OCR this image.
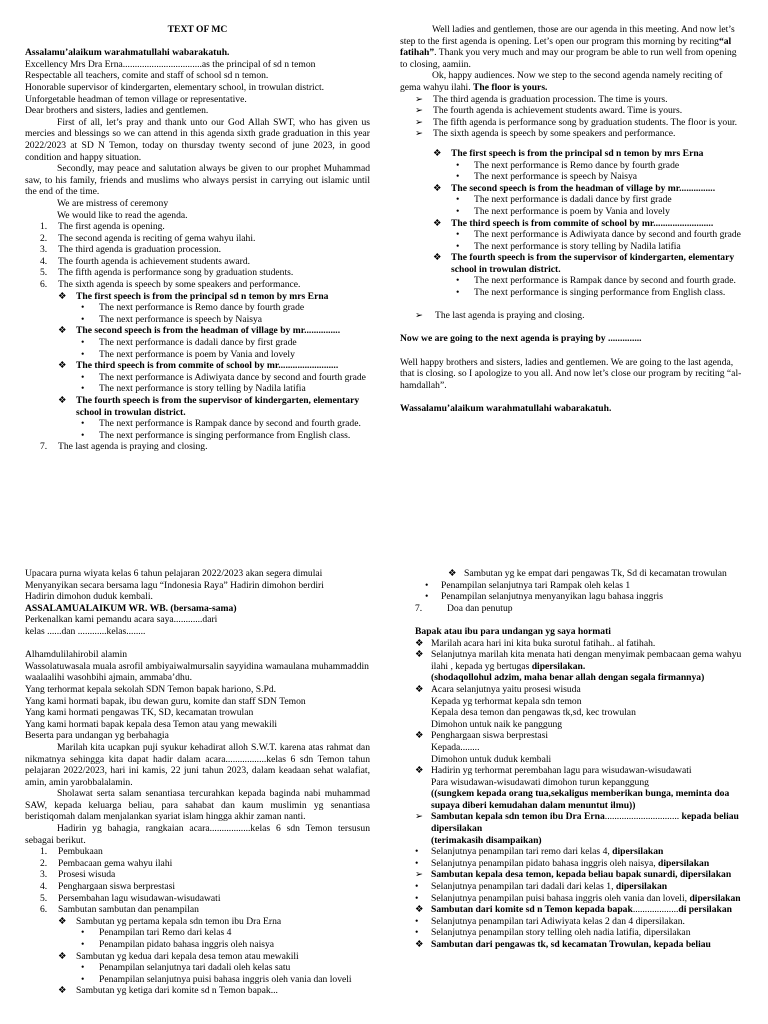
TEXT OF MC

Assalamu’alaikum warahmatullahi wabarakatuh.

Excellency Mrs Dra Erna.................................as the principal of sd n temon

Respectable all teachers, comite and staff of school sd n temon.

Honorable supervisor of kindergarten, elementary school, in trowulan district.

Unforgetable headman of temon village or representative.

Dear brothers and sisters, ladies and gentlemen.

First of all, let’s pray and thank unto our God Allah SWT, who has given us mercies and blessings so we can attend in this agenda sixth grade graduation in this year 2022/2023 at SD N Temon, today on thursday twenty second of june 2023, in good condition and happy situation.

Secondly, may peace and salutation always be given to our prophet Muhammad saw, to his family, friends and muslims who always persist in carrying out islamic until the end of the time.

We are mistress of ceremony

We would like to read the agenda.

1.	The first agenda is opening.
2.	The second agenda is reciting of gema wahyu ilahi.
3.	The third agenda is graduation procession.
4.	The fourth agenda is achievement students award.
5.	The fifth agenda is performance song by graduation students.
6.	The sixth agenda is speech by some speakers and performance.
❖ The first speech is from the principal sd n temon by mrs Erna
•	The next performance is Remo dance by fourth grade
•	The next performance is speech by Naisya
❖ The second speech is from the headman of village by mr...............
•	The next performance is dadali dance by first grade
•	The next performance is poem by Vania and lovely
❖ The third speech is from commite of school by mr.........................
•	The next performance is Adiwiyata dance by second and fourth grade
•	The next performance is story telling by Nadila latifia
❖ The fourth speech is from the supervisor of kindergarten, elementary school in trowulan district.
•	The next performance is Rampak dance by second and fourth grade.
•	The next performance is singing performance from English class.
7.	The last agenda is praying and closing.

Well ladies and gentlemen, those are our agenda in this meeting. And now let’s step to the first agenda is opening. Let’s open our program this morning by reciting“al fatihah”. Thank you very much and may our program be able to run well from opening to closing, aamiin.

Ok, happy audiences. Now we step to the second agenda namely reciting of gema wahyu ilahi. The floor is yours.

➢	The third agenda is graduation procession. The time is yours.
➢	The fourth agenda is achievement students award. Time is yours.
➢	The fifth agenda is performance song by graduation students. The floor is your.
➢	The sixth agenda is speech by some speakers and performance.
❖ The first speech is from the principal sd n temon by mrs Erna
•	The next performance is Remo dance by fourth grade
•	The next performance is speech by Naisya
❖ The second speech is from the headman of village by mr...............
•	The next performance is dadali dance by first grade
•	The next performance is poem by Vania and lovely
❖ The third speech is from commite of school by mr.........................
•	The next performance is Adiwiyata dance by second and fourth grade
•	The next performance is story telling by Nadila latifia
❖ The fourth speech is from the supervisor of kindergarten, elementary school in trowulan district.
•	The next performance is Rampak dance by second and fourth grade.
•	The next performance is singing performance from English class.
➢	The last agenda is praying and closing.

Now we are going to the next agenda is praying by ..............

Well happy brothers and sisters, ladies and gentlemen. We are going to the last agenda, that is closing. so I apologize to you all. And now let’s close our program by reciting “al-hamdallah”.

Wassalamu’alaikum warahmatullahi wabarakatuh.

Upacara purna wiyata kelas 6 tahun pelajaran 2022/2023 akan segera dimulai

Menyanyikan secara bersama lagu “Indonesia Raya” Hadirin dimohon berdiri

Hadirin dimohon duduk kembali.

ASSALAMUALAIKUM WR. WB. (bersama-sama)

Perkenalkan kami pemandu acara saya............dari

kelas ......dan ............kelas........

Alhamdulilahirobil alamin

Wassolatuwasala muala asrofil ambiyaiwalmursalin sayyidina wamaulana muhammaddin waalaalihi wasohbihi ajmain, ammaba’dhu.

Yang terhormat kepala sekolah SDN Temon bapak harionо, S.Pd.

Yang kami hormati bapak, ibu dewan guru, komite dan staff SDN Temon

Yang kami hormati pengawas TK, SD, kecamatan trowulan

Yang kami hormati bapak kepala desa Temon atau yang mewakili

Beserta para undangan yg berbahagia

Marilah kita ucapkan puji syukur kehadirat alloh S.W.T. karena atas rahmat dan nikmatnya sehingga kita dapat hadir dalam acara.................kelas 6 sdn Temon tahun pelajaran 2022/2023, hari ini kamis, 22 juni tahun 2023, dalam keadaan sehat walafiat, amin, amin yarobbalalamin.

Sholawat serta salam senantiasa tercurahkan kepada baginda nabi muhammad SAW, kepada keluarga beliau, para sahabat dan kaum muslimin yg senantiasa beristiqomah dalam menjalankan syariat islam hingga akhir zaman nanti.

Hadirin yg bahagia, rangkaian acara.................kelas 6 sdn Temon tersusun sebagai berikut.

1.	Pembukaan
2.	Pembacaan gema wahyu ilahi
3.	Prosesi wisuda
4.	Penghargaan siswa berprestasi
5.	Persembahan lagu wisudawan-wisudawati
6.	Sambutan sambutan dan penampilan
❖ Sambutan yg pertama kepala sdn temon ibu Dra Erna
•	Penampilan tari Remo dari kelas 4
•	Penampilan pidato bahasa inggris oleh naisya
❖ Sambutan yg kedua dari kepala desa temon atau mewakili
•	Penampilan selanjutnya tari dadali oleh kelas satu
•	Penampilan selanjutnya puisi bahasa inggris oleh vania dan loveli
❖ Sambutan yg ketiga dari komite sd n Temon bapak...
❖ Sambutan yg ke empat dari pengawas Tk, Sd di kecamatan trowulan
•	Penampilan selanjutnya tari Rampak oleh kelas 1
•	Penampilan selanjutnya menyanyikan lagu bahasa inggris
7.	Doa dan penutup

Bapak atau ibu para undangan yg saya hormati

❖ Marilah acara hari ini kita buka surotul fatihah.. al fatihah.
❖ Selanjutnya marilah kita menata hati dengan menyimak pembacaan gema wahyu ilahi , kepada yg bertugas dipersilakan.
(shodaqollohul adzim, maha benar allah dengan segala firmannya)
❖ Acara selanjutnya yaitu prosesi wisuda
Kepada yg terhormat kepala sdn temon
Kepala desa temon dan pengawas tk,sd, kec trowulan
Dimohon untuk naik ke panggung
❖ Penghargaan siswa berprestasi
Kepada........
Dimohon untuk duduk kembali
❖ Hadirin yg terhormat perembahan lagu para wisudawan-wisudawati
Para wisudawan-wisudawati dimohon turun kepanggung
((sungkem kepada orang tua,sekaligus memberikan bunga, meminta doa supaya diberi kemudahan dalam menuntut ilmu))
➢ Sambutan kepala sdn temon ibu Dra Erna............................... kepada beliau dipersilakan
(terimakasih disampaikan)
•	Selanjutnya penampilan tari remo dari kelas 4, dipersilakan
•	Selanjutnya penampilan pidato bahasa inggris oleh naisya, dipersilakan
➢ Sambutan kepala desa temon, kepada beliau bapak sunardi, dipersilakan
•	Selanjutnya penampilan tari dadali dari kelas 1, dipersilakan
•	Selanjutnya penampilan puisi bahasa inggris oleh vania dan loveli, dipersilakan
❖ Sambutan dari komite sd n Temon kepada bapak...................di persilakan
•	Selanjutnya penampilan tari Adiwiyata kelas 2 dan 4 dipersilakan.
•	Selanjutnya penampilan story telling oleh nadia latifia, dipersilakan
❖ Sambutan dari pengawas tk, sd kecamatan Trowulan, kepada beliau
